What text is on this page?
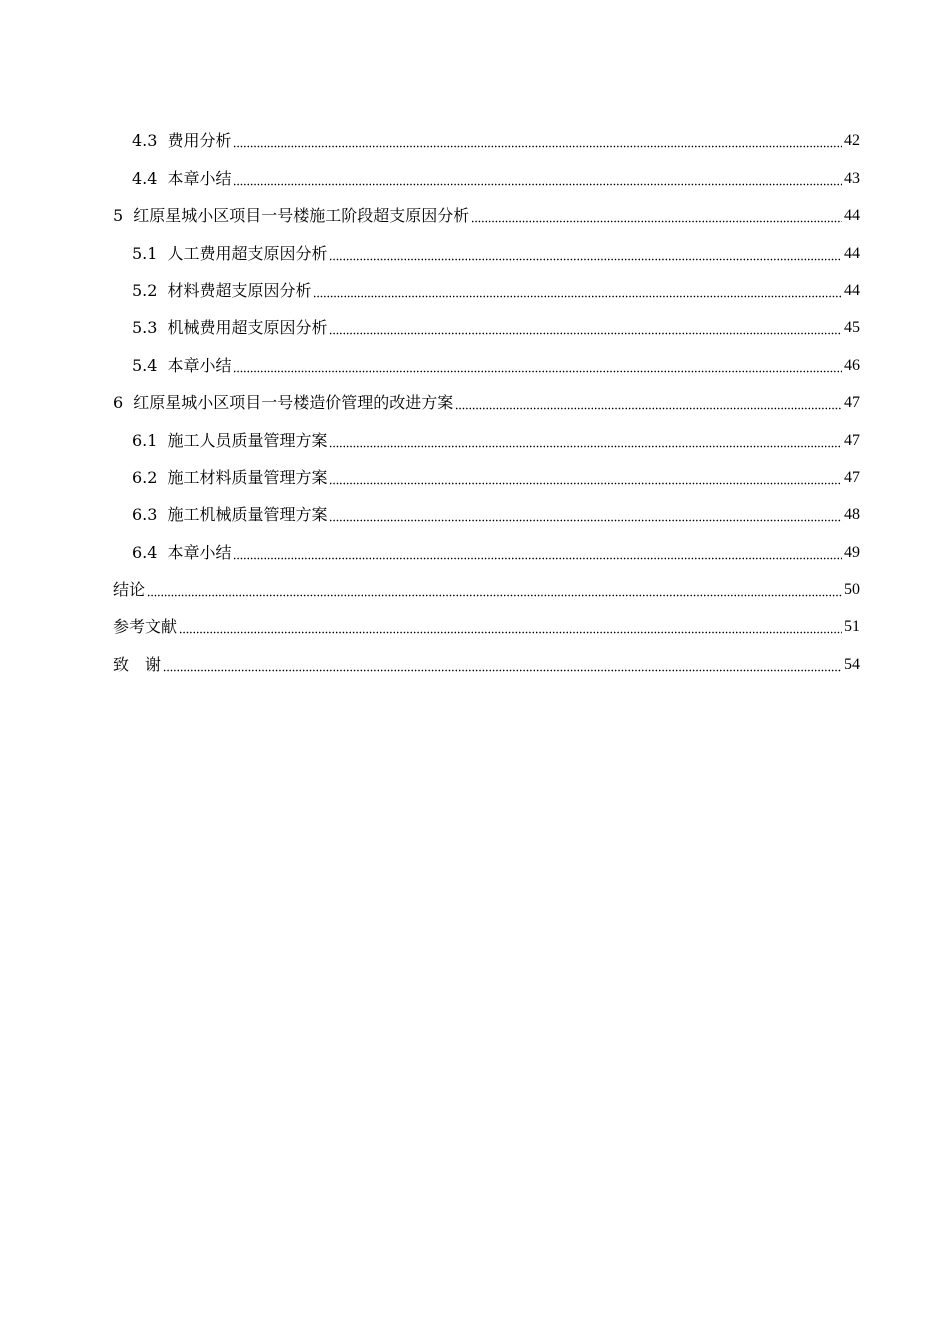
4.3 费用分析	42
4.4 本章小结	43
5 红原星城小区项目一号楼施工阶段超支原因分析	44
5.1 人工费用超支原因分析	44
5.2 材料费超支原因分析	44
5.3 机械费用超支原因分析	45
5.4 本章小结	46
6 红原星城小区项目一号楼造价管理的改进方案	47
6.1 施工人员质量管理方案	47
6.2 施工材料质量管理方案	47
6.3 施工机械质量管理方案	48
6.4 本章小结	49
结论	50
参考文献	51
致　谢	54
